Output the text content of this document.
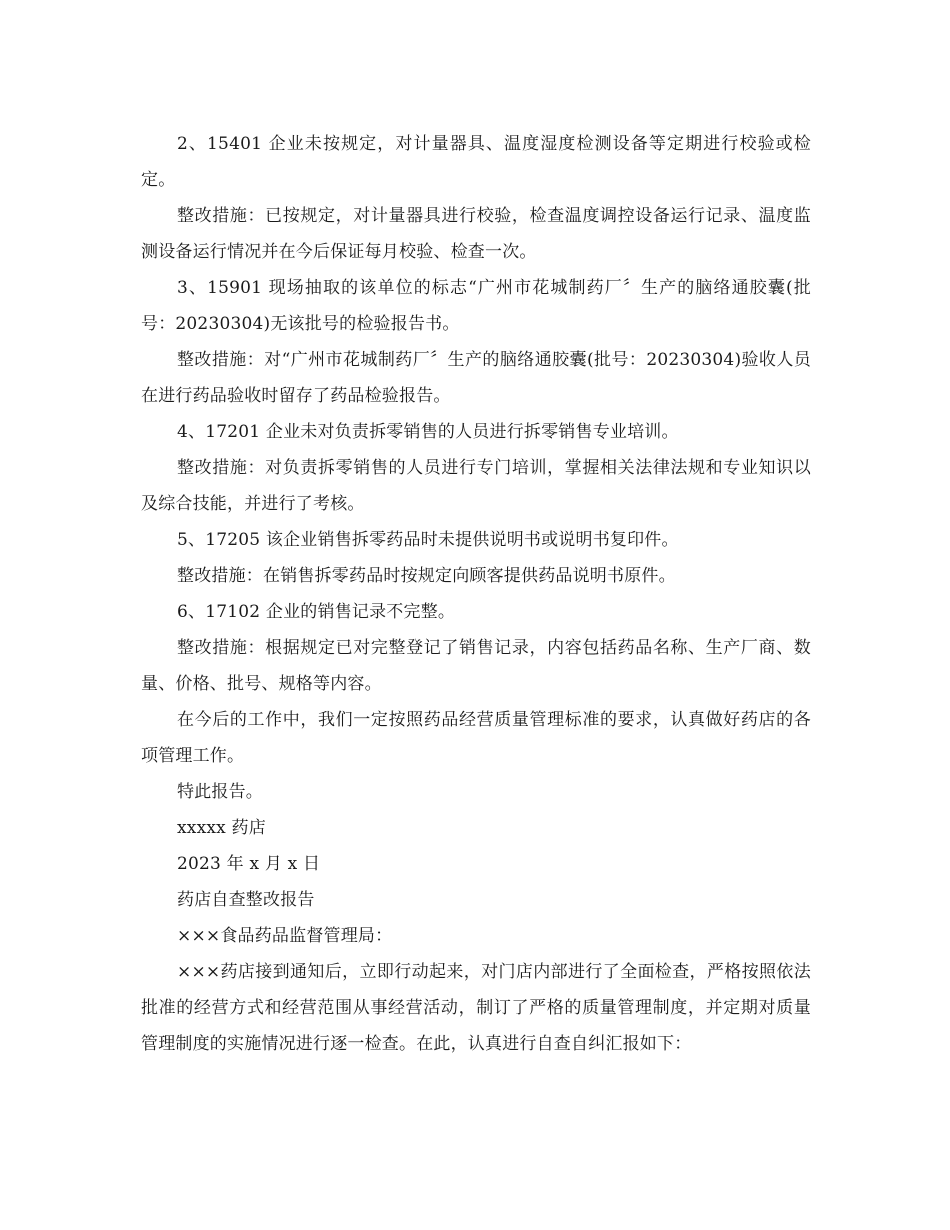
2、15401 企业未按规定，对计量器具、温度湿度检测设备等定期进行校验或检定。

整改措施：已按规定，对计量器具进行校验，检查温度调控设备运行记录、温度监测设备运行情况并在今后保证每月校验、检查一次。

3、15901 现场抽取的该单位的标志“广州市花城制药厂〞生产的脑络通胶囊(批号：20230304)无该批号的检验报告书。

整改措施：对“广州市花城制药厂〞生产的脑络通胶囊(批号：20230304)验收人员在进行药品验收时留存了药品检验报告。

4、17201 企业未对负责拆零销售的人员进行拆零销售专业培训。

整改措施：对负责拆零销售的人员进行专门培训，掌握相关法律法规和专业知识以及综合技能，并进行了考核。

5、17205 该企业销售拆零药品时未提供说明书或说明书复印件。

整改措施：在销售拆零药品时按规定向顾客提供药品说明书原件。

6、17102 企业的销售记录不完整。

整改措施：根据规定已对完整登记了销售记录，内容包括药品名称、生产厂商、数量、价格、批号、规格等内容。

在今后的工作中，我们一定按照药品经营质量管理标准的要求，认真做好药店的各项管理工作。

特此报告。

xxxxx 药店

2023 年 x 月 x 日

药店自查整改报告

×××食品药品监督管理局：

×××药店接到通知后，立即行动起来，对门店内部进行了全面检查，严格按照依法批准的经营方式和经营范围从事经营活动，制订了严格的质量管理制度，并定期对质量管理制度的实施情况进行逐一检查。在此，认真进行自查自纠汇报如下：
